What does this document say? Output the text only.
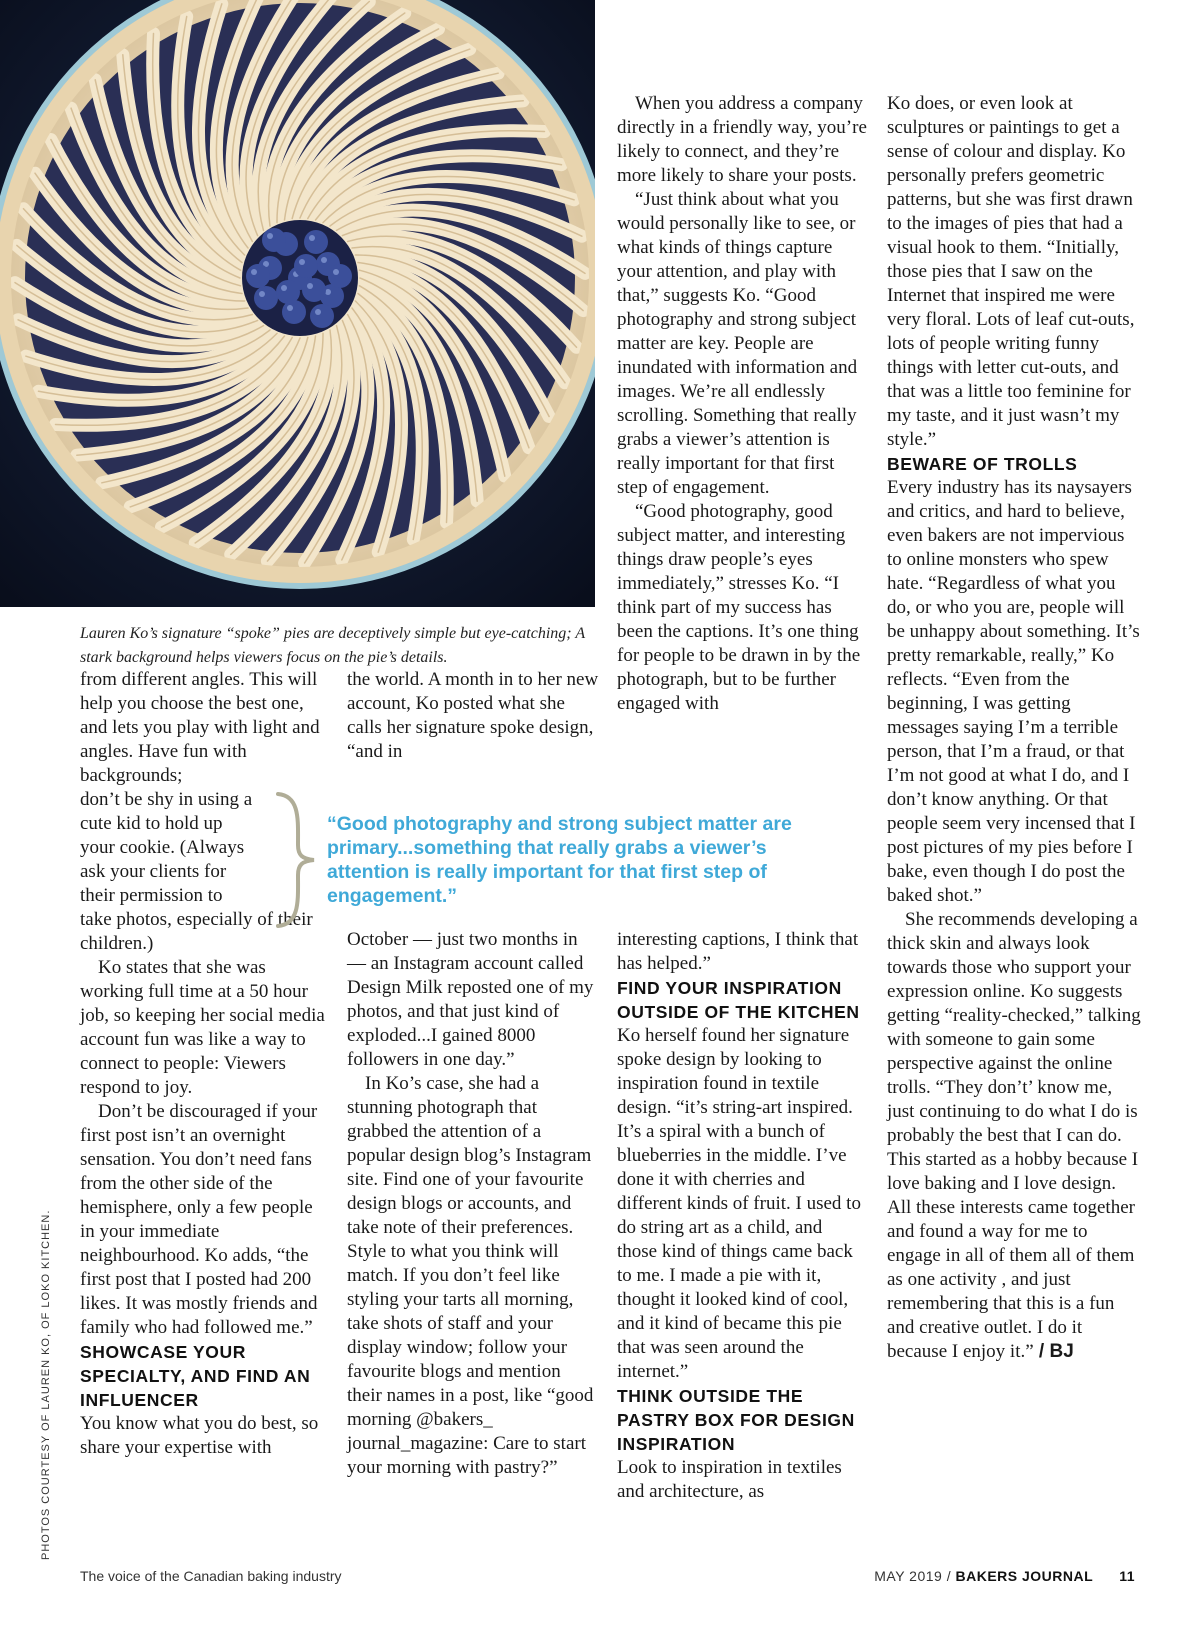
Lauren Ko’s signature “spoke” pies are deceptively simple but eye-catching; A stark background helps viewers focus on the pie’s details.

from different angles. This will help you choose the best one, and lets you play with light and angles. Have fun with backgrounds;

don’t be shy in using a cute kid to hold up your cookie. (Always ask your clients for their permission to

take photos, especially of their children.)

Ko states that she was working full time at a 50 hour job, so keeping her social media account fun was like a way to connect to people: Viewers respond to joy.

Don’t be discouraged if your first post isn’t an overnight sensation. You don’t need fans from the other side of the hemisphere, only a few people in your immediate neighbourhood. Ko adds, “the first post that I posted had 200 likes. It was mostly friends and family who had followed me.”

SHOWCASE YOUR SPECIALTY, AND FIND AN INFLUENCER

You know what you do best, so share your expertise with

the world. A month in to her new account, Ko posted what she calls her signature spoke design, “and in

“Good photography and strong subject matter are primary...something that really grabs a viewer’s attention is really important for that first step of engagement.”

October — just two months in — an Instagram account called Design Milk reposted one of my photos, and that just kind of exploded...I gained 8000 followers in one day.”

In Ko’s case, she had a stunning photograph that grabbed the attention of a popular design blog’s Instagram site. Find one of your favourite design blogs or accounts, and take note of their preferences. Style to what you think will match. If you don’t feel like styling your tarts all morning, take shots of staff and your display window; follow your favourite blogs and mention their names in a post, like “good morning @bakers_ journal_magazine: Care to start your morning with pastry?”

When you address a company directly in a friendly way, you’re likely to connect, and they’re more likely to share your posts.

“Just think about what you would personally like to see, or what kinds of things capture your attention, and play with that,” suggests Ko. “Good photography and strong subject matter are key. People are inundated with information and images. We’re all endlessly scrolling. Something that really grabs a viewer’s attention is really important for that first step of engagement.

“Good photography, good subject matter, and interesting things draw people’s eyes immediately,” stresses Ko. “I think part of my success has been the captions. It’s one thing for people to be drawn in by the photograph, but to be further engaged with

interesting captions, I think that has helped.”

FIND YOUR INSPIRATION OUTSIDE OF THE KITCHEN

Ko herself found her signature spoke design by looking to inspiration found in textile design. “it’s string-art inspired. It’s a spiral with a bunch of blueberries in the middle. I’ve done it with cherries and different kinds of fruit. I used to do string art as a child, and those kind of things came back to me. I made a pie with it, thought it looked kind of cool, and it kind of became this pie that was seen around the internet.”

THINK OUTSIDE THE PASTRY BOX FOR DESIGN INSPIRATION

Look to inspiration in textiles and architecture, as

Ko does, or even look at sculptures or paintings to get a sense of colour and display. Ko personally prefers geometric patterns, but she was first drawn to the images of pies that had a visual hook to them. “Initially, those pies that I saw on the Internet that inspired me were very floral. Lots of leaf cut-outs, lots of people writing funny things with letter cut-outs, and that was a little too feminine for my taste, and it just wasn’t my style.”

BEWARE OF TROLLS

Every industry has its naysayers and critics, and hard to believe, even bakers are not impervious to online monsters who spew hate. “Regardless of what you do, or who you are, people will be unhappy about something. It’s pretty remarkable, really,” Ko reflects. “Even from the beginning, I was getting messages saying I’m a terrible person, that I’m a fraud, or that I’m not good at what I do, and I don’t know anything. Or that people seem very incensed that I post pictures of my pies before I bake, even though I do post the baked shot.”

She recommends developing a thick skin and always look towards those who support your expression online. Ko suggests getting “reality-checked,” talking with someone to gain some perspective against the online trolls. “They don’t’ know me, just continuing to do what I do is probably the best that I can do. This started as a hobby because I love baking and I love design. All these interests came together and found a way for me to engage in all of them all of them as one activity , and just remembering that this is a fun and creative outlet. I do it because I enjoy it.” / BJ

PHOTOS COURTESY OF LAUREN KO, OF LOKO KITCHEN.
The voice of the Canadian baking industry	MAY 2019 / BAKERS JOURNAL 11
